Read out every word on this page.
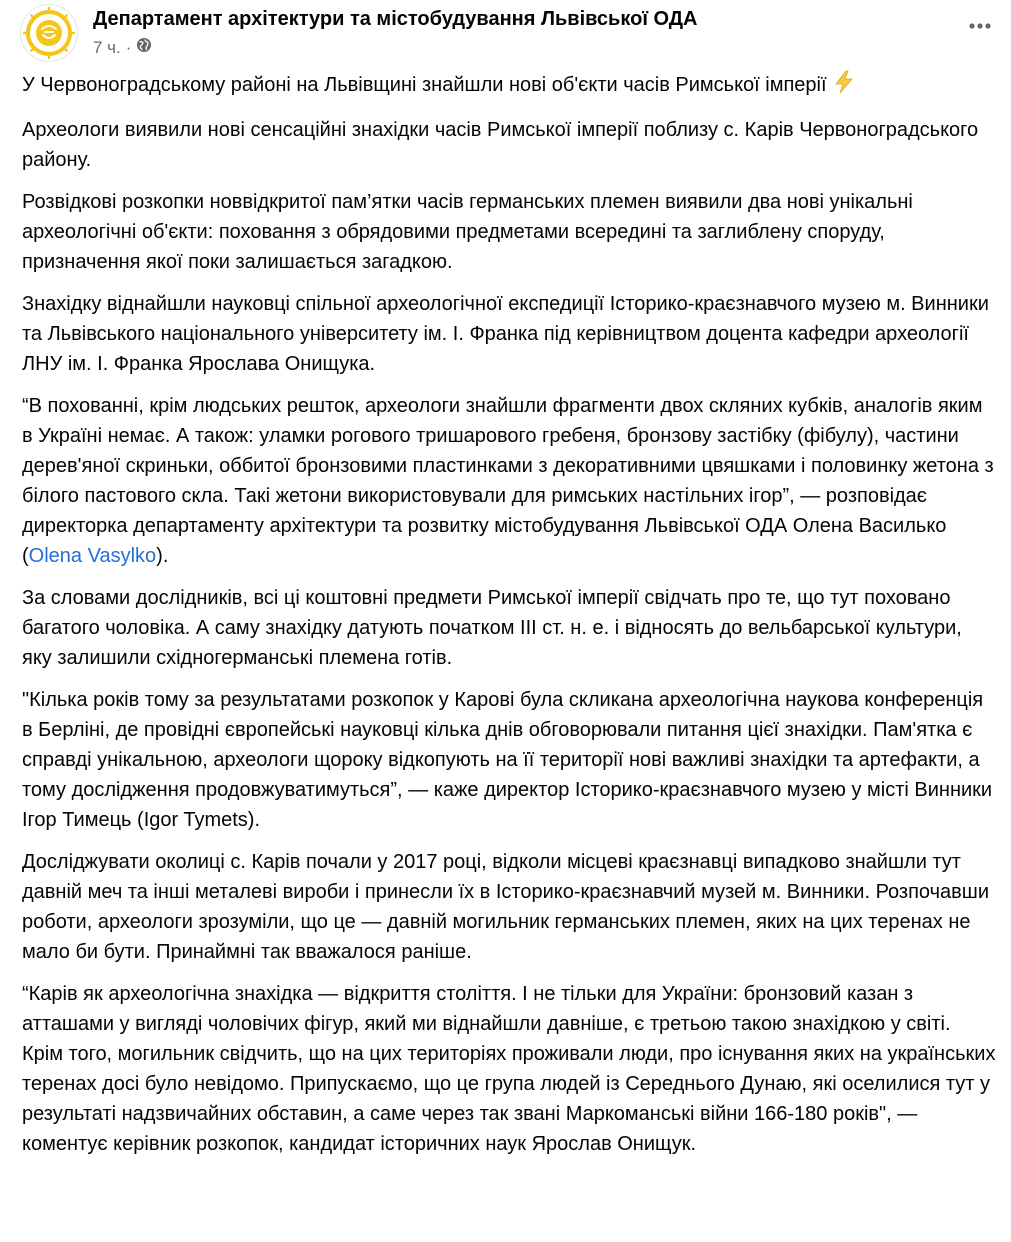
Департамент архітектури та містобудування Львівської ОДА
7 ч. ·

У Червоноградському районі на Львівщині знайшли нові об'єкти часів Римської імперії

Археологи виявили нові сенсаційні знахідки часів Римської імперії поблизу с. Карів Червоноградського району.

Розвідкові розкопки новвідкритої пам’ятки часів германських племен виявили два нові унікальні археологічні об'єкти: поховання з обрядовими предметами всередині та заглиблену споруду, призначення якої поки залишається загадкою.

Знахідку віднайшли науковці спільної археологічної експедиції Історико-краєзнавчого музею м. Винники та Львівського національного університету ім. І. Франка під керівництвом доцента кафедри археології ЛНУ ім. І. Франка Ярослава Онищука.

“В похованні, крім людських решток, археологи знайшли фрагменти двох скляних кубків, аналогів яким в Україні немає. А також: уламки рогового тришарового гребеня, бронзову застібку (фібулу), частини дерев'яної скриньки, оббитої бронзовими пластинками з декоративними цвяшками і половинку жетона з білого пастового скла. Такі жетони використовували для римських настільних ігор”, — розповідає директорка департаменту архітектури та розвитку містобудування Львівської ОДА Олена Василько (Olena Vasylko).

За словами дослідників, всі ці коштовні предмети Римської імперії свідчать про те, що тут поховано багатого чоловіка. А саму знахідку датують початком ІІІ ст. н. е. і відносять до вельбарської культури, яку залишили східногерманські племена готів.

"Кілька років тому за результатами розкопок у Карові була скликана археологічна наукова конференція в Берліні, де провідні європейські науковці кілька днів обговорювали питання цієї знахідки. Пам'ятка є справді унікальною, археологи щороку відкопують на її території нові важливі знахідки та артефакти, а тому дослідження продовжуватимуться”, — каже директор Історико-краєзнавчого музею у місті Винники Ігор Тимець (Igor Tymets).

Досліджувати околиці с. Карів почали у 2017 році, відколи місцеві краєзнавці випадково знайшли тут давній меч та інші металеві вироби і принесли їх в Історико-краєзнавчий музей м. Винники. Розпочавши роботи, археологи зрозуміли, що це — давній могильник германських племен, яких на цих теренах не мало би бути. Принаймні так вважалося раніше.

“Карів як археологічна знахідка — відкриття століття. І не тільки для України: бронзовий казан з атташами у вигляді чоловічих фігур, який ми віднайшли давніше, є третьою такою знахідкою у світі. Крім того, могильник свідчить, що на цих територіях проживали люди, про існування яких на українських теренах досі було невідомо. Припускаємо, що це група людей із Середнього Дунаю, які оселилися тут у результаті надзвичайних обставин, а саме через так звані Маркоманські війни 166-180 років", — коментує керівник розкопок, кандидат історичних наук Ярослав Онищук.
